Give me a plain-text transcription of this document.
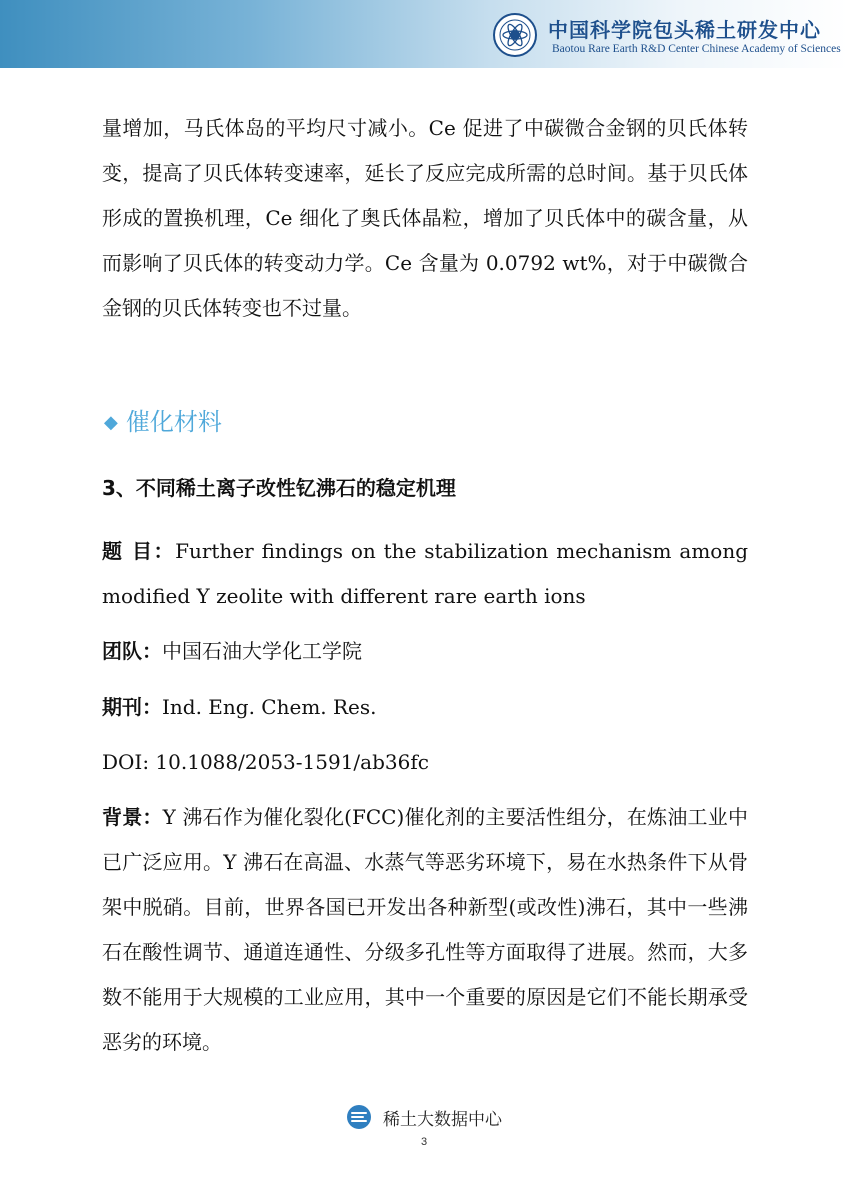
中国科学院包头稀土研发中心
Baotou Rare Earth R&D Center Chinese Academy of Sciences

量增加，马氏体岛的平均尺寸减小。Ce 促进了中碳微合金钢的贝氏体转变，提高了贝氏体转变速率，延长了反应完成所需的总时间。基于贝氏体形成的置换机理，Ce 细化了奥氏体晶粒，增加了贝氏体中的碳含量，从而影响了贝氏体的转变动力学。Ce 含量为 0.0792 wt%，对于中碳微合金钢的贝氏体转变也不过量。

◆ 催化材料
3、不同稀土离子改性钇沸石的稳定机理

题 目：Further findings on the stabilization mechanism among modified Y zeolite with different rare earth ions

团队：中国石油大学化工学院
期刊：Ind. Eng. Chem. Res.
DOI: 10.1088/2053-1591/ab36fc

背景：Y 沸石作为催化裂化(FCC)催化剂的主要活性组分，在炼油工业中已广泛应用。Y 沸石在高温、水蒸气等恶劣环境下，易在水热条件下从骨架中脱硝。目前，世界各国已开发出各种新型(或改性)沸石，其中一些沸石在酸性调节、通道连通性、分级多孔性等方面取得了进展。然而，大多数不能用于大规模的工业应用，其中一个重要的原因是它们不能长期承受恶劣的环境。

稀土大数据中心
3
